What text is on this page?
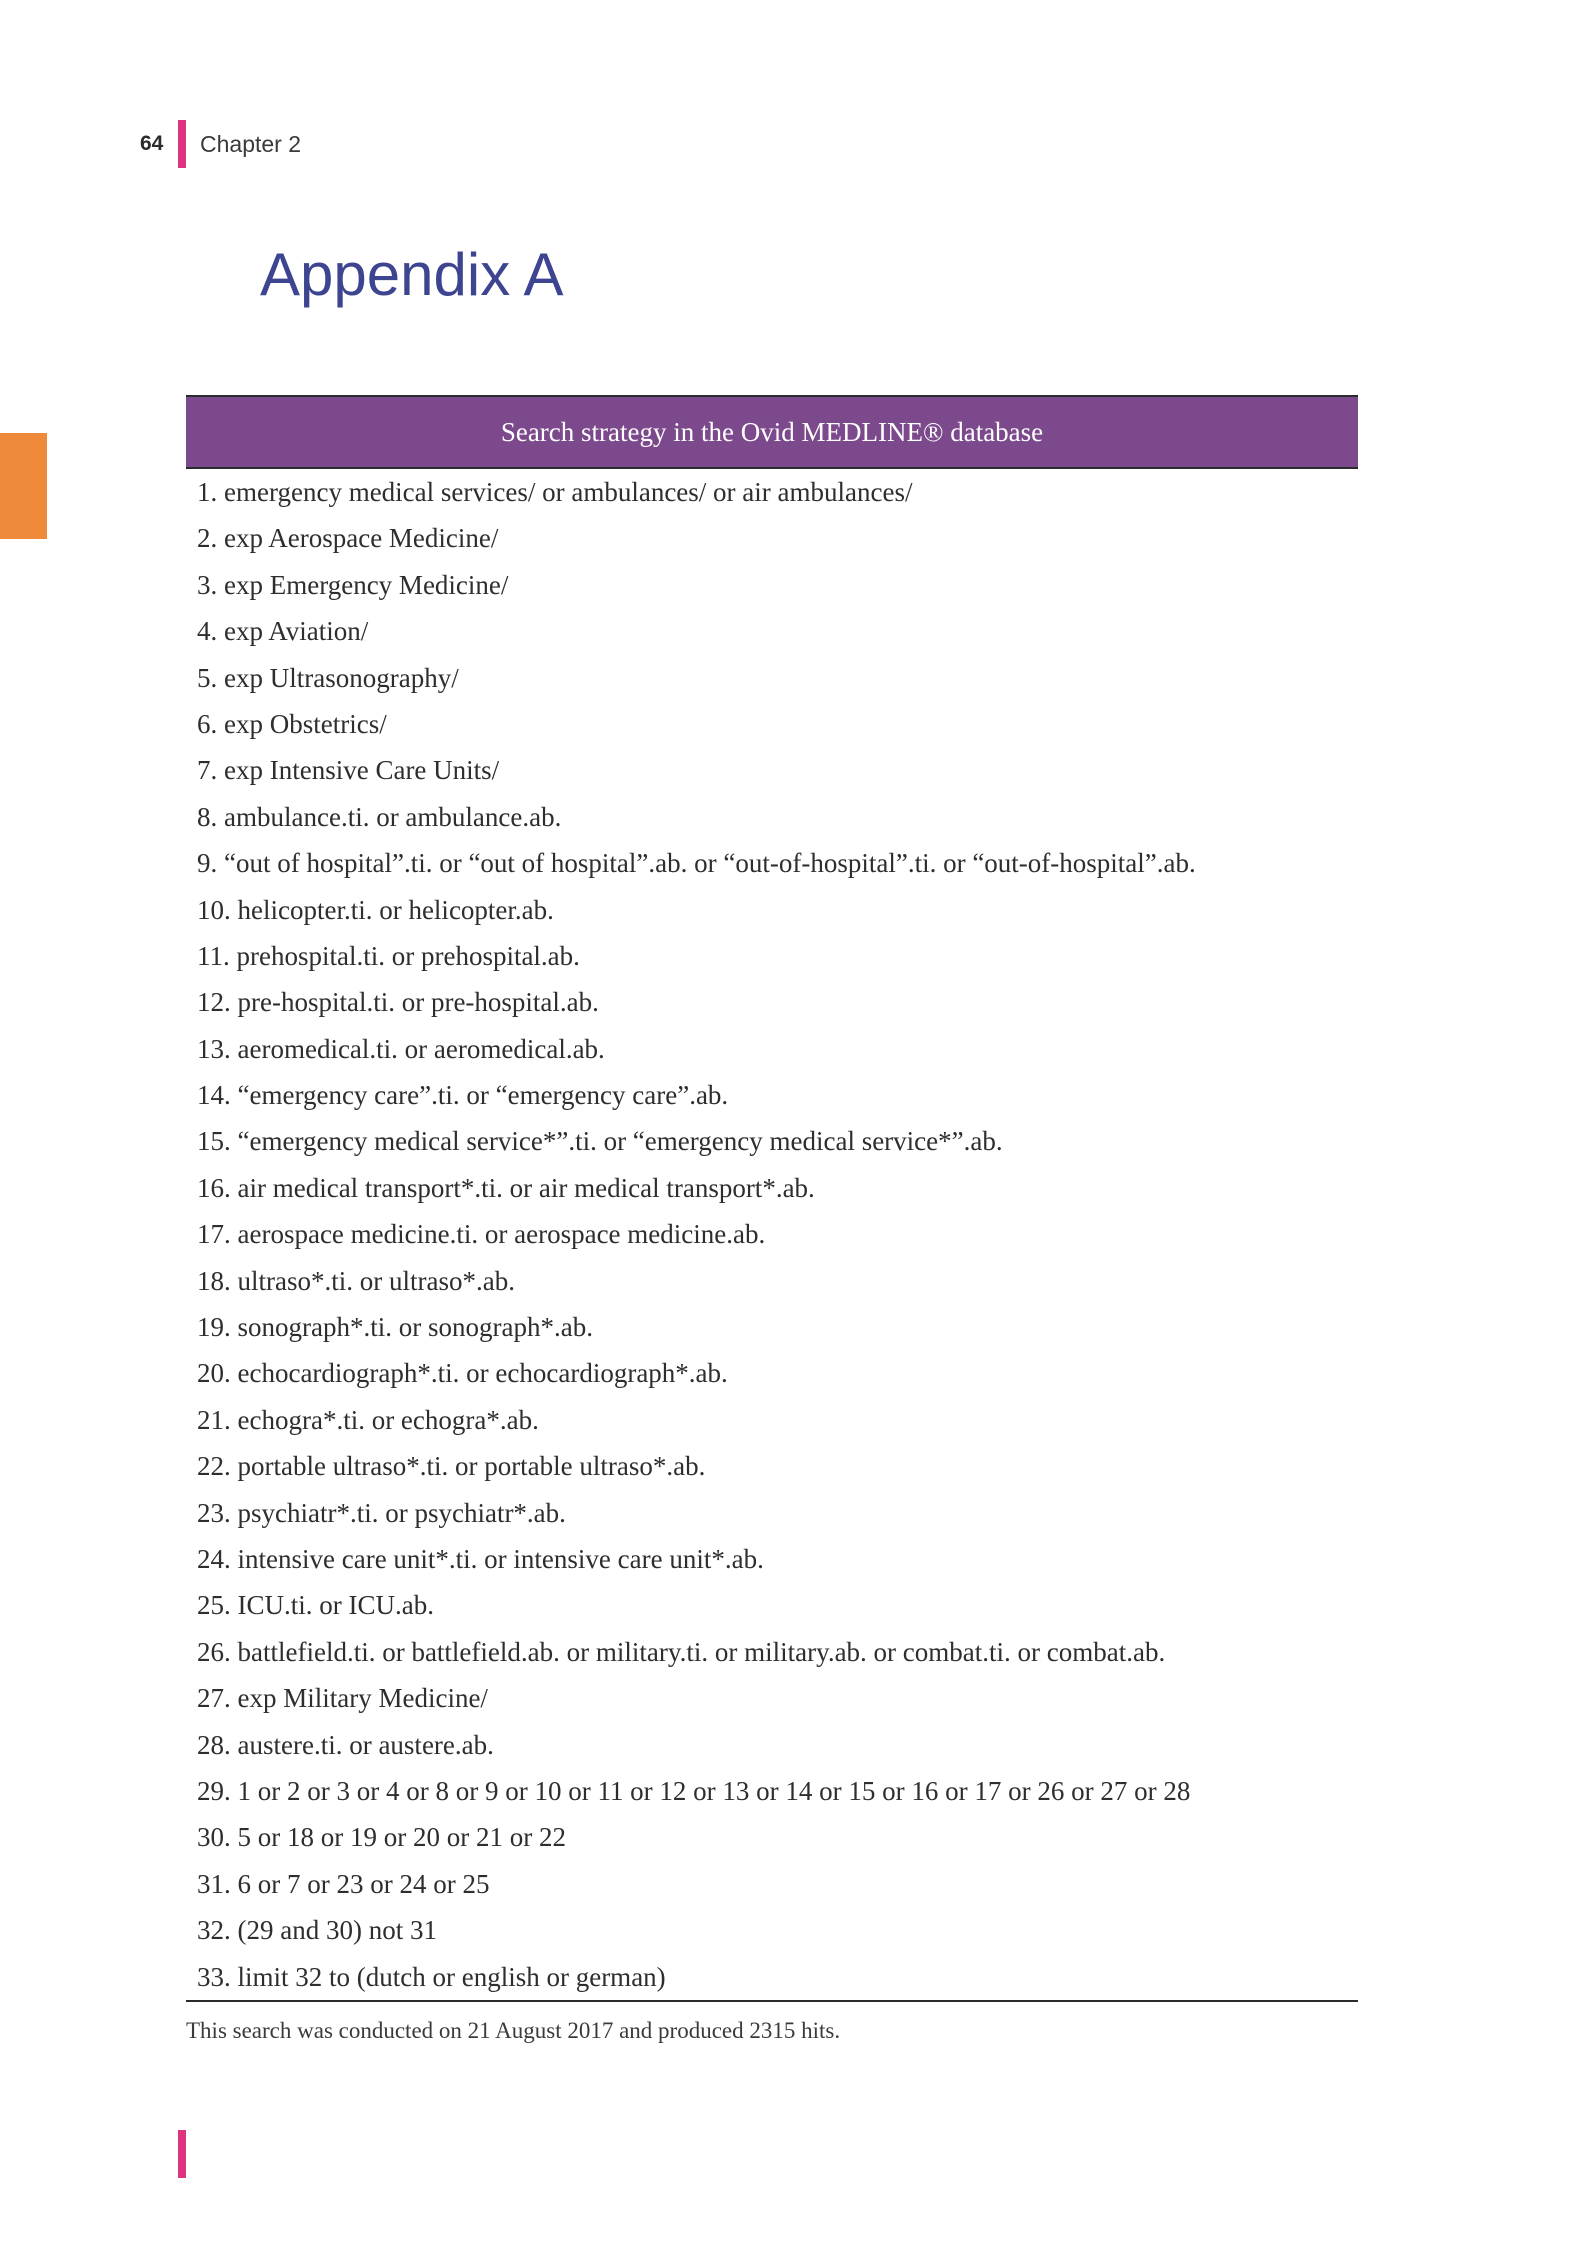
64 Chapter 2
Appendix A
Search strategy in the Ovid MEDLINE® database
1. emergency medical services/ or ambulances/ or air ambulances/
2. exp Aerospace Medicine/
3. exp Emergency Medicine/
4. exp Aviation/
5. exp Ultrasonography/
6. exp Obstetrics/
7. exp Intensive Care Units/
8. ambulance.ti. or ambulance.ab.
9. “out of hospital”.ti. or “out of hospital”.ab. or “out-of-hospital”.ti. or “out-of-hospital”.ab.
10. helicopter.ti. or helicopter.ab.
11. prehospital.ti. or prehospital.ab.
12. pre-hospital.ti. or pre-hospital.ab.
13. aeromedical.ti. or aeromedical.ab.
14. “emergency care”.ti. or “emergency care”.ab.
15. “emergency medical service*”.ti. or “emergency medical service*”.ab.
16. air medical transport*.ti. or air medical transport*.ab.
17. aerospace medicine.ti. or aerospace medicine.ab.
18. ultraso*.ti. or ultraso*.ab.
19. sonograph*.ti. or sonograph*.ab.
20. echocardiograph*.ti. or echocardiograph*.ab.
21. echogra*.ti. or echogra*.ab.
22. portable ultraso*.ti. or portable ultraso*.ab.
23. psychiatr*.ti. or psychiatr*.ab.
24. intensive care unit*.ti. or intensive care unit*.ab.
25. ICU.ti. or ICU.ab.
26. battlefield.ti. or battlefield.ab. or military.ti. or military.ab. or combat.ti. or combat.ab.
27. exp Military Medicine/
28. austere.ti. or austere.ab.
29. 1 or 2 or 3 or 4 or 8 or 9 or 10 or 11 or 12 or 13 or 14 or 15 or 16 or 17 or 26 or 27 or 28
30. 5 or 18 or 19 or 20 or 21 or 22
31. 6 or 7 or 23 or 24 or 25
32. (29 and 30) not 31
33. limit 32 to (dutch or english or german)
This search was conducted on 21 August 2017 and produced 2315 hits.
